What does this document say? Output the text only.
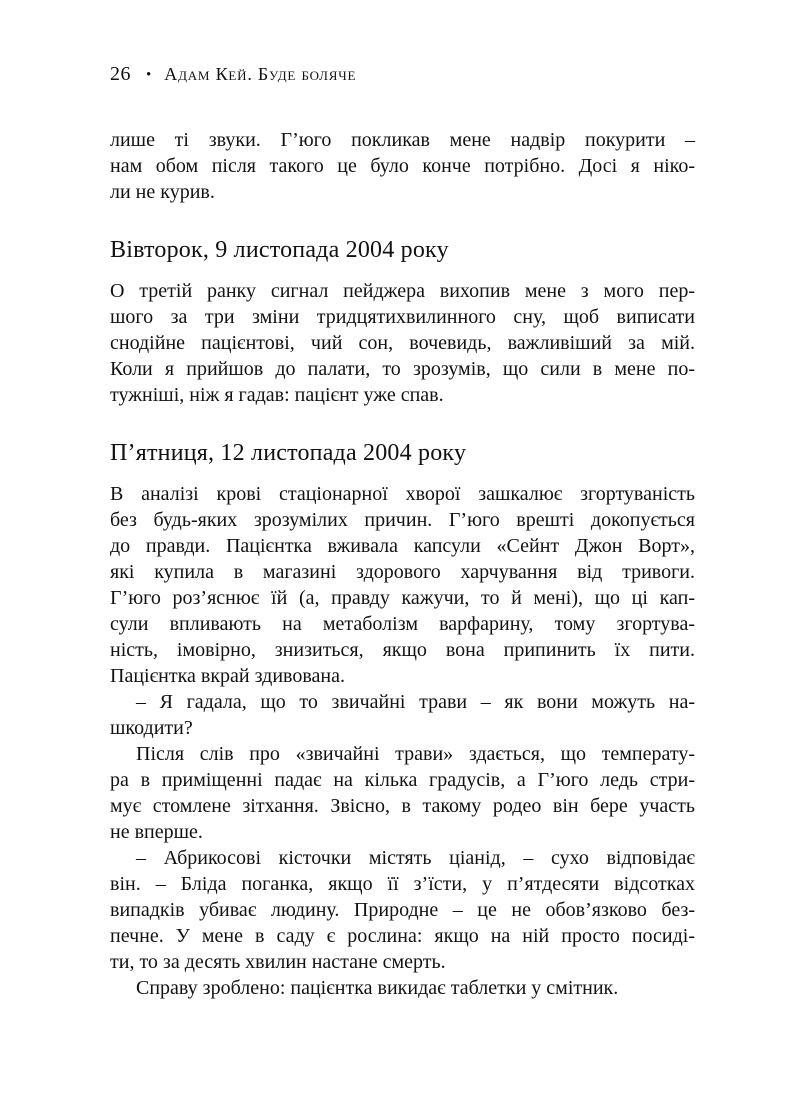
26 • Адам Кей. Буде боляче
лише ті звуки. Г’юго покликав мене надвір покурити –
нам обом після такого це було конче потрібно. Досі я ніко-
ли не курив.
Вівторок, 9 листопада 2004 року
О третій ранку сигнал пейджера вихопив мене з мого пер-
шого за три зміни тридцятихвилинного сну, щоб виписати
снодійне пацієнтові, чий сон, вочевидь, важливіший за мій.
Коли я прийшов до палати, то зрозумів, що сили в мене по-
тужніші, ніж я гадав: пацієнт уже спав.
П’ятниця, 12 листопада 2004 року
В аналізі крові стаціонарної хворої зашкалює згортуваність
без будь-яких зрозумілих причин. Г’юго врешті докопується
до правди. Пацієнтка вживала капсули «Сейнт Джон Ворт»,
які купила в магазині здорового харчування від тривоги.
Г’юго роз’яснює їй (а, правду кажучи, то й мені), що ці кап-
сули впливають на метаболізм варфарину, тому згортува-
ність, імовірно, знизиться, якщо вона припинить їх пити.
Пацієнтка вкрай здивована.
– Я гадала, що то звичайні трави – як вони можуть на-
шкодити?
Після слів про «звичайні трави» здається, що температу-
ра в приміщенні падає на кілька градусів, а Г’юго ледь стри-
мує стомлене зітхання. Звісно, в такому родео він бере участь
не вперше.
– Абрикосові кісточки містять ціанід, – сухо відповідає
він. – Бліда поганка, якщо її з’їсти, у п’ятдесяти відсотках
випадків убиває людину. Природне – це не обов’язково без-
печне. У мене в саду є рослина: якщо на ній просто посиді-
ти, то за десять хвилин настане смерть.
Справу зроблено: пацієнтка викидає таблетки у смітник.
